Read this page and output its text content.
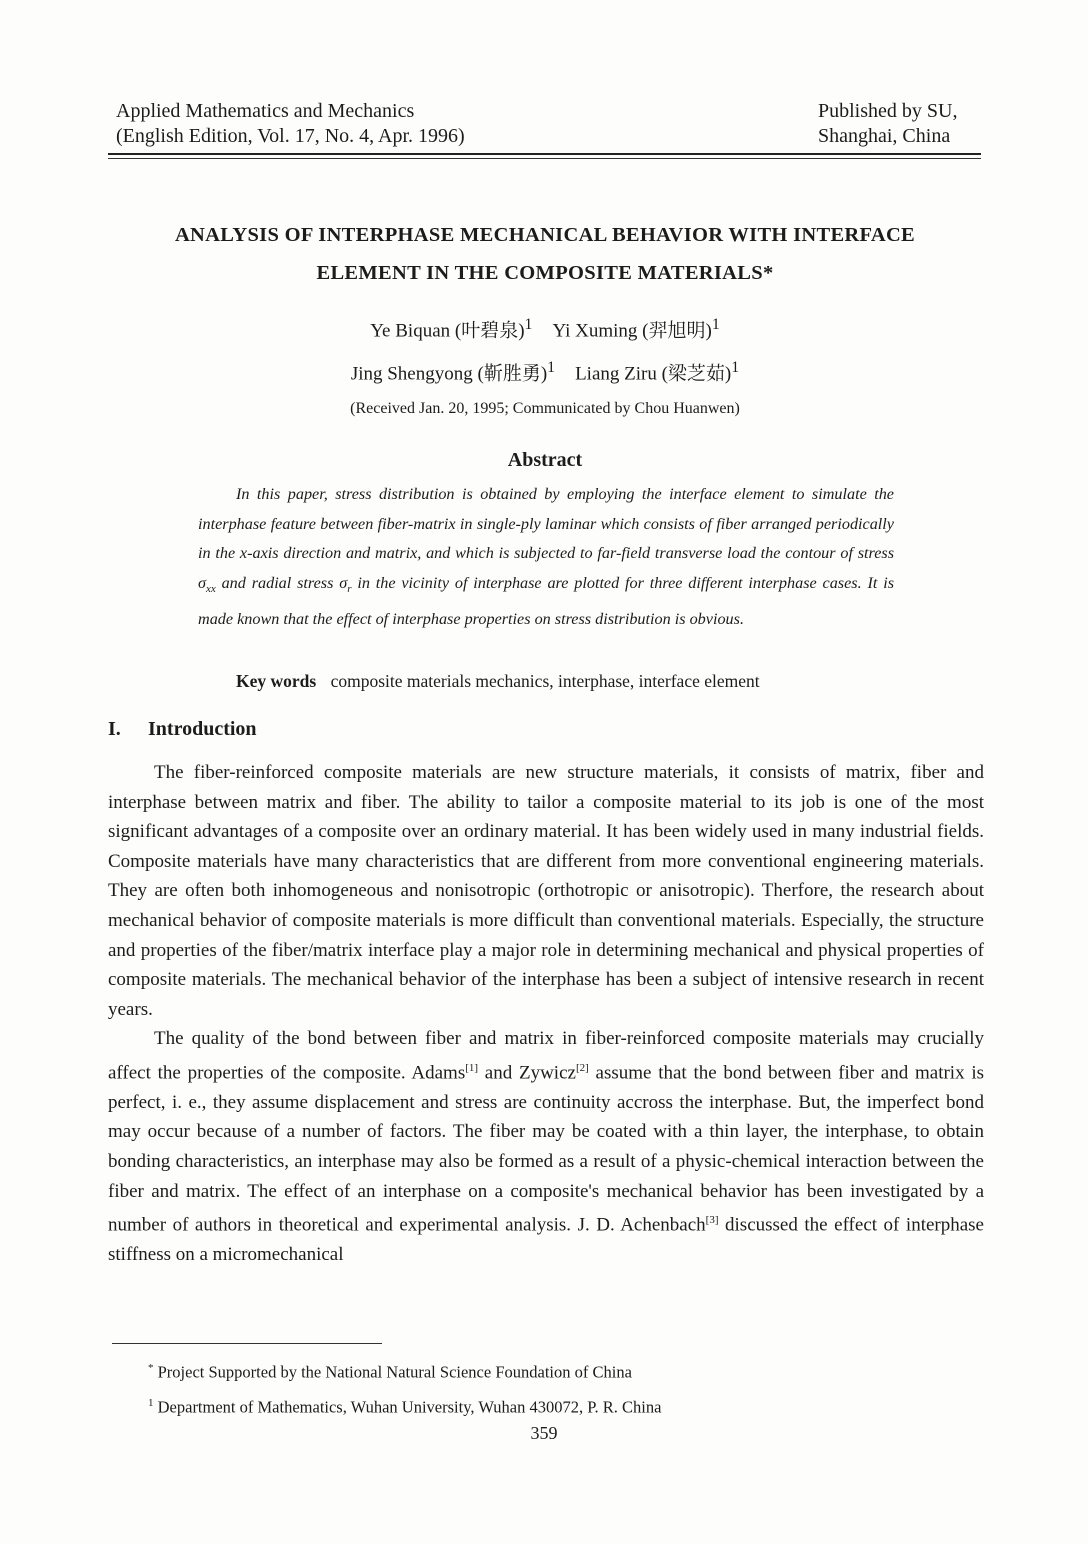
Applied Mathematics and Mechanics
(English Edition, Vol. 17, No. 4, Apr. 1996)
Published by SU,
Shanghai, China
ANALYSIS OF INTERPHASE MECHANICAL BEHAVIOR WITH INTERFACE
ELEMENT IN THE COMPOSITE MATERIALS*
Ye Biquan (叶碧泉)$^1$ Yi Xuming (羿旭明)$^1$
Jing Shengyong (靳胜勇)$^1$ Liang Ziru (梁芝茹)$^1$
(Received Jan. 20, 1995; Communicated by Chou Huanwen)
Abstract

In this paper, stress distribution is obtained by employing the interface element to simulate the interphase feature between fiber-matrix in single-ply laminar which consists of fiber arranged periodically in the x-axis direction and matrix, and which is subjected to far-field transverse load the contour of stress $\sigma_{xx}$ and radial stress $\sigma_r$ in the vicinity of interphase are plotted for three different interphase cases. It is made known that the effect of interphase properties on stress distribution is obvious.

Key words composite materials mechanics, interphase, interface element
I. Introduction

The fiber-reinforced composite materials are new structure materials, it consists of matrix, fiber and interphase between matrix and fiber. The ability to tailor a composite material to its job is one of the most significant advantages of a composite over an ordinary material. It has been widely used in many industrial fields. Composite materials have many characteristics that are different from more conventional engineering materials. They are often both inhomogeneous and nonisotropic (orthotropic or anisotropic). Therfore, the research about mechanical behavior of composite materials is more difficult than conventional materials. Especially, the structure and properties of the fiber/matrix interface play a major role in determining mechanical and physical properties of composite materials. The mechanical behavior of the interphase has been a subject of intensive research in recent years.

The quality of the bond between fiber and matrix in fiber-reinforced composite materials may crucially affect the properties of the composite. Adams[1] and Zywicz[2] assume that the bond between fiber and matrix is perfect, i. e., they assume displacement and stress are continuity accross the interphase. But, the imperfect bond may occur because of a number of factors. The fiber may be coated with a thin layer, the interphase, to obtain bonding characteristics, an interphase may also be formed as a result of a physic-chemical interaction between the fiber and matrix. The effect of an interphase on a composite's mechanical behavior has been investigated by a number of authors in theoretical and experimental analysis. J. D. Achenbach[3] discussed the effect of interphase stiffness on a micromechanical

* Project Supported by the National Natural Science Foundation of China
$^1$ Department of Mathematics, Wuhan University, Wuhan 430072, P. R. China
359
